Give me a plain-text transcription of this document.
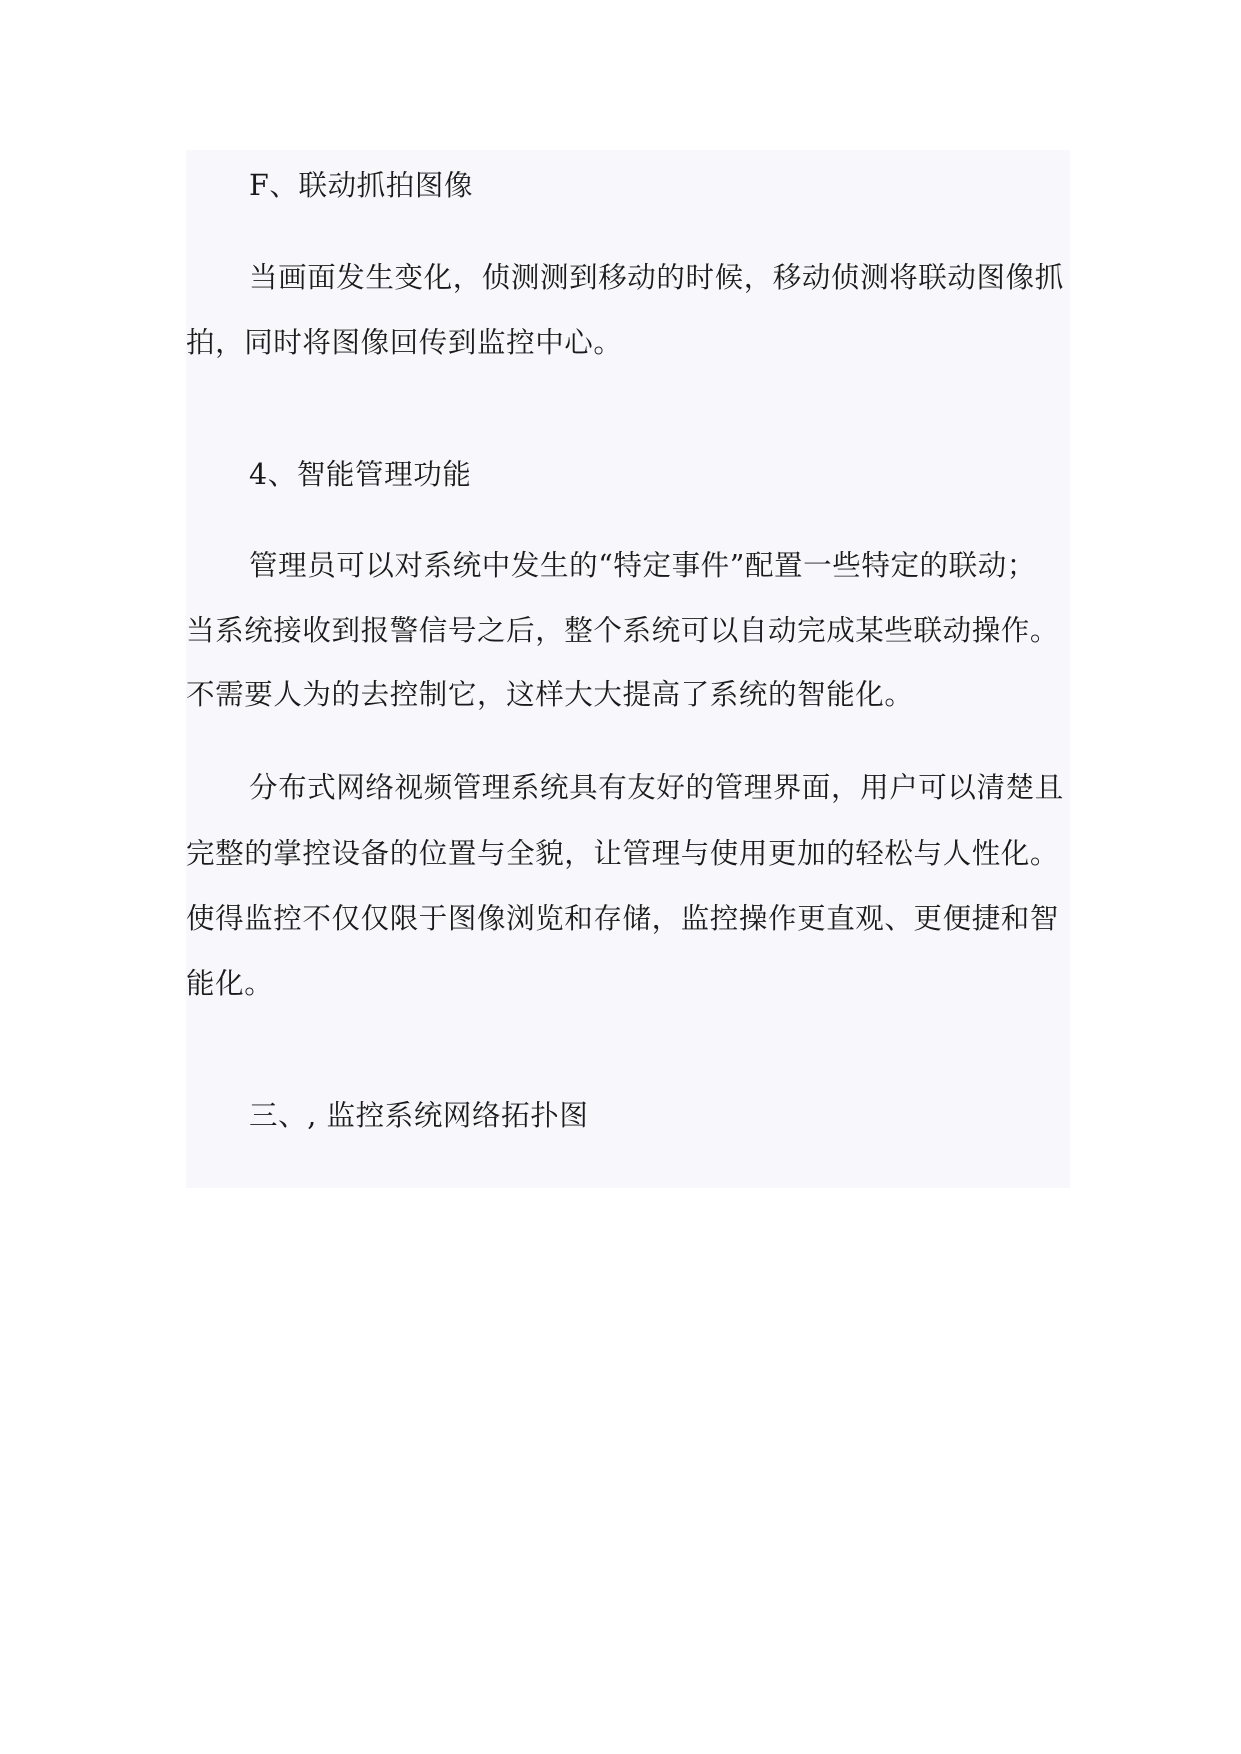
F、联动抓拍图像
当画面发生变化，侦测测到移动的时候，移动侦测将联动图像抓
拍，同时将图像回传到监控中心。
4、智能管理功能
管理员可以对系统中发生的“特定事件”配置一些特定的联动；
当系统接收到报警信号之后，整个系统可以自动完成某些联动操作。
不需要人为的去控制它，这样大大提高了系统的智能化。
分布式网络视频管理系统具有友好的管理界面，用户可以清楚且
完整的掌控设备的位置与全貌，让管理与使用更加的轻松与人性化。
使得监控不仅仅限于图像浏览和存储，监控操作更直观、更便捷和智
能化。
三、, 监控系统网络拓扑图
